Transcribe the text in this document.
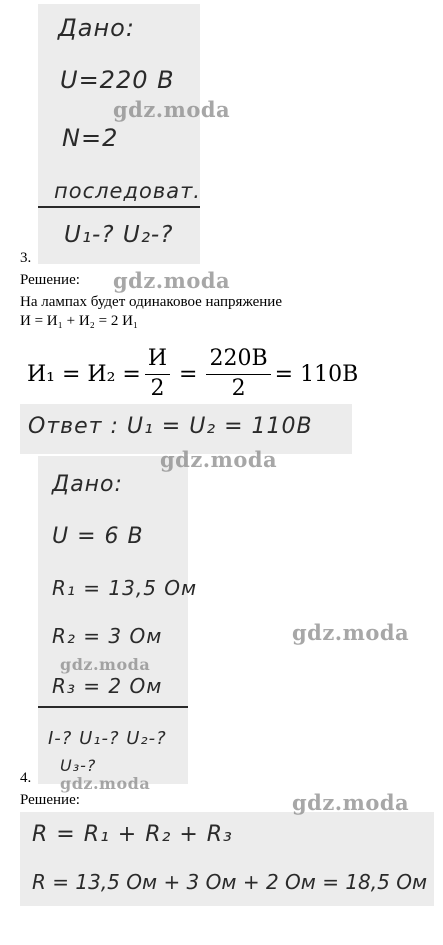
Дано:
U=220 В
N=2
последоват.
U₁-? U₂-?
3.
Решение:
На лампах будет одинаковое напряжение
И = И₁ + И₂ = 2 И₁
$И_1 = И_2 = \frac{И}{2} = \frac{220В}{2} = 110В$
Ответ : U₁ = U₂ = 110В
Дано:
U = 6 В
R₁ = 13,5 Ом
R₂ = 3 Ом
R₃ = 2 Ом
I-? U₁-? U₂-?
U₃-?
4.
Решение:
R = R₁ + R₂ + R₃
R = 13,5 Ом + 3 Ом + 2 Ом = 18,5 Ом
gdz.moda
gdz.moda
gdz.moda
gdz.moda
gdz.moda
gdz.moda
gdz.moda
